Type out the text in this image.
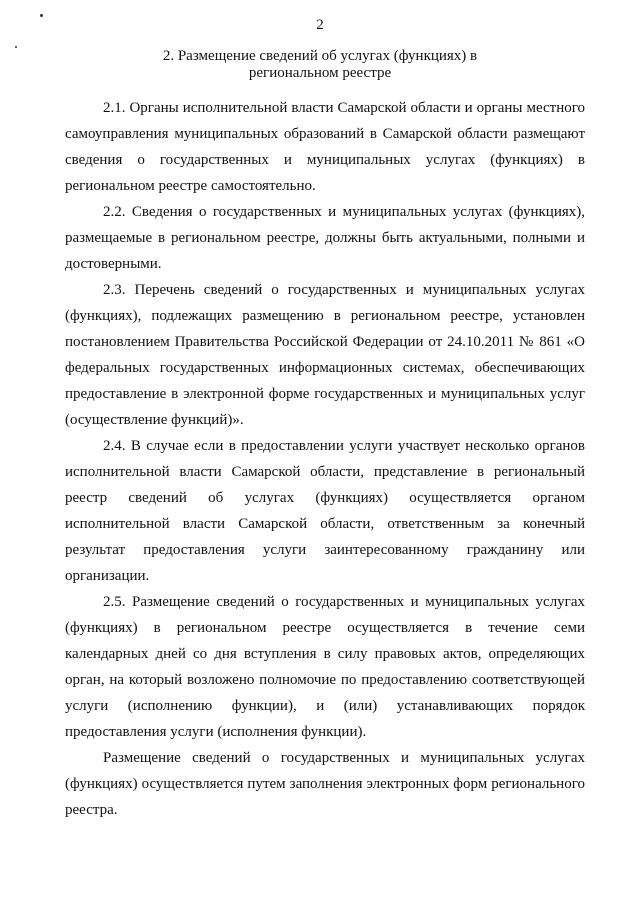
2
2. Размещение сведений об услугах (функциях) в
региональном реестре

2.1. Органы исполнительной власти Самарской области и органы местного самоуправления муниципальных образований в Самарской области размещают сведения о государственных и муниципальных услугах (функциях) в региональном реестре самостоятельно.

2.2. Сведения о государственных и муниципальных услугах (функциях), размещаемые в региональном реестре, должны быть актуальными, полными и достоверными.

2.3. Перечень сведений о государственных и муниципальных услугах (функциях), подлежащих размещению в региональном реестре, установлен постановлением Правительства Российской Федерации от 24.10.2011 № 861 «О федеральных государственных информационных системах, обеспечивающих предоставление в электронной форме государственных и муниципальных услуг (осуществление функций)».

2.4. В случае если в предоставлении услуги участвует несколько органов исполнительной власти Самарской области, представление в региональный реестр сведений об услугах (функциях) осуществляется органом исполнительной власти Самарской области, ответственным за конечный результат предоставления услуги заинтересованному гражданину или организации.

2.5. Размещение сведений о государственных и муниципальных услугах (функциях) в региональном реестре осуществляется в течение семи календарных дней со дня вступления в силу правовых актов, определяющих орган, на который возложено полномочие по предоставлению соответствующей услуги (исполнению функции), и (или) устанавливающих порядок предоставления услуги (исполнения функции).

Размещение сведений о государственных и муниципальных услугах (функциях) осуществляется путем заполнения электронных форм регионального реестра.
